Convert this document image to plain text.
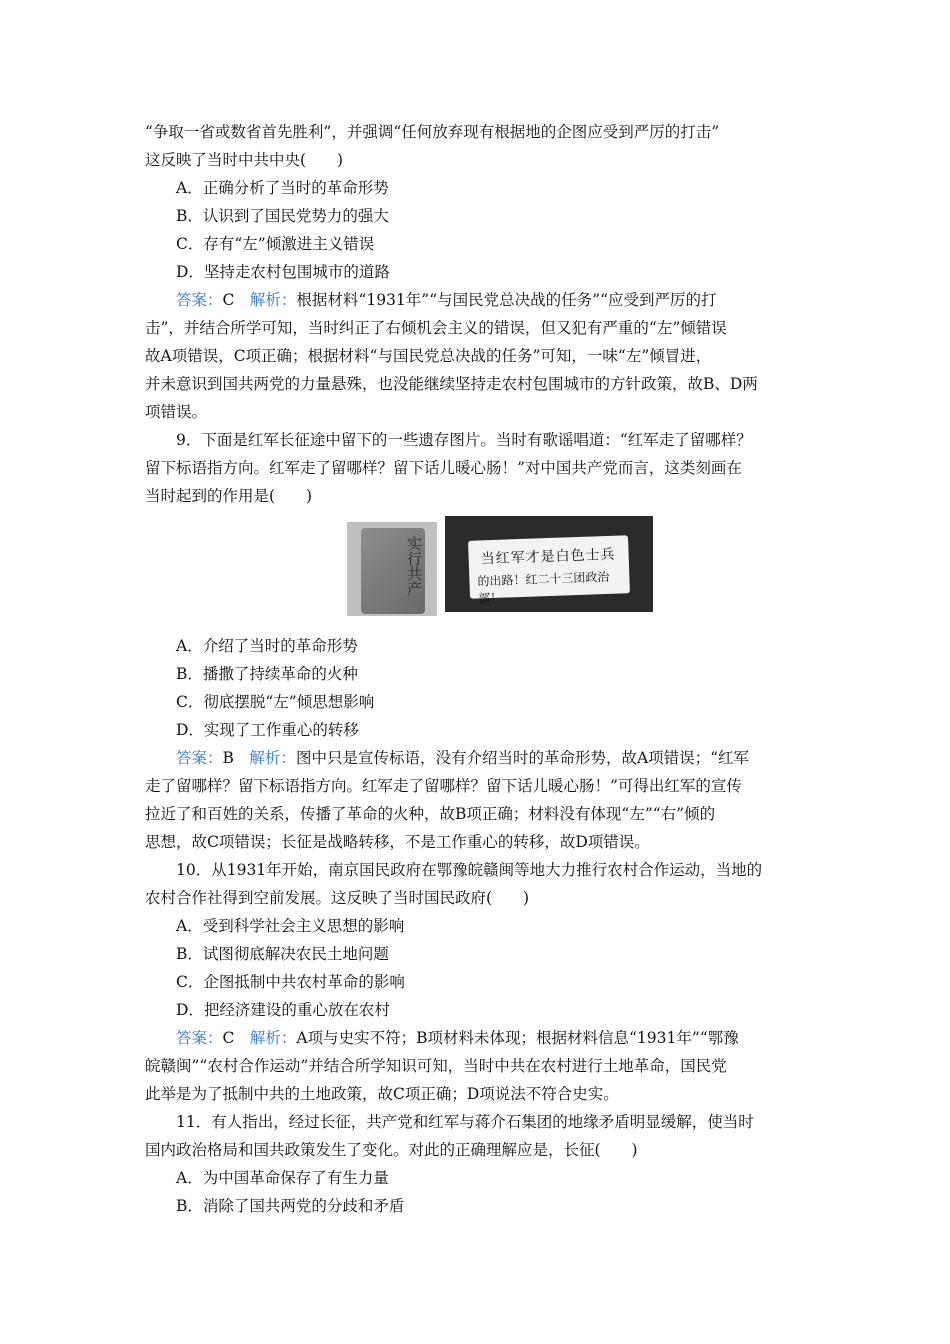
“争取一省或数省首先胜利”，并强调“任何放弃现有根据地的企图应受到严厉的打击”
这反映了当时中共中央(　　)
A．正确分析了当时的革命形势
B．认识到了国民党势力的强大
C．存有“左”倾激进主义错误
D．坚持走农村包围城市的道路
答案：C　 解析：根据材料“1931年”“与国民党总决战的任务”“应受到严厉的打
击”，并结合所学可知，当时纠正了右倾机会主义的错误，但又犯有严重的“左”倾错误
故A项错误，C项正确；根据材料“与国民党总决战的任务”可知，一味“左”倾冒进，
并未意识到国共两党的力量悬殊，也没能继续坚持走农村包围城市的方针政策，故B、D两
项错误。
9．下面是红军长征途中留下的一些遗存图片。当时有歌谣唱道：“红军走了留哪样？
留下标语指方向。红军走了留哪样？留下话儿暖心肠！”对中国共产党而言，这类刻画在
当时起到的作用是(　　)
实行共产	当红军才是白色士兵
的出路！红二十三团政治部！
A．介绍了当时的革命形势
B．播撒了持续革命的火种
C．彻底摆脱“左”倾思想影响
D．实现了工作重心的转移
答案：B　 解析：图中只是宣传标语，没有介绍当时的革命形势，故A项错误；“红军
走了留哪样？留下标语指方向。红军走了留哪样？留下话儿暖心肠！”可得出红军的宣传
拉近了和百姓的关系，传播了革命的火种，故B项正确；材料没有体现“左”“右”倾的
思想，故C项错误；长征是战略转移，不是工作重心的转移，故D项错误。
10．从1931年开始，南京国民政府在鄂豫皖赣闽等地大力推行农村合作运动，当地的
农村合作社得到空前发展。这反映了当时国民政府(　　)
A．受到科学社会主义思想的影响
B．试图彻底解决农民土地问题
C．企图抵制中共农村革命的影响
D．把经济建设的重心放在农村
答案：C　 解析：A项与史实不符；B项材料未体现；根据材料信息“1931年”“鄂豫
皖赣闽”“农村合作运动”并结合所学知识可知，当时中共在农村进行土地革命，国民党
此举是为了抵制中共的土地政策，故C项正确；D项说法不符合史实。
11．有人指出，经过长征，共产党和红军与蒋介石集团的地缘矛盾明显缓解，使当时
国内政治格局和国共政策发生了变化。对此的正确理解应是，长征(　　)
A．为中国革命保存了有生力量
B．消除了国共两党的分歧和矛盾
